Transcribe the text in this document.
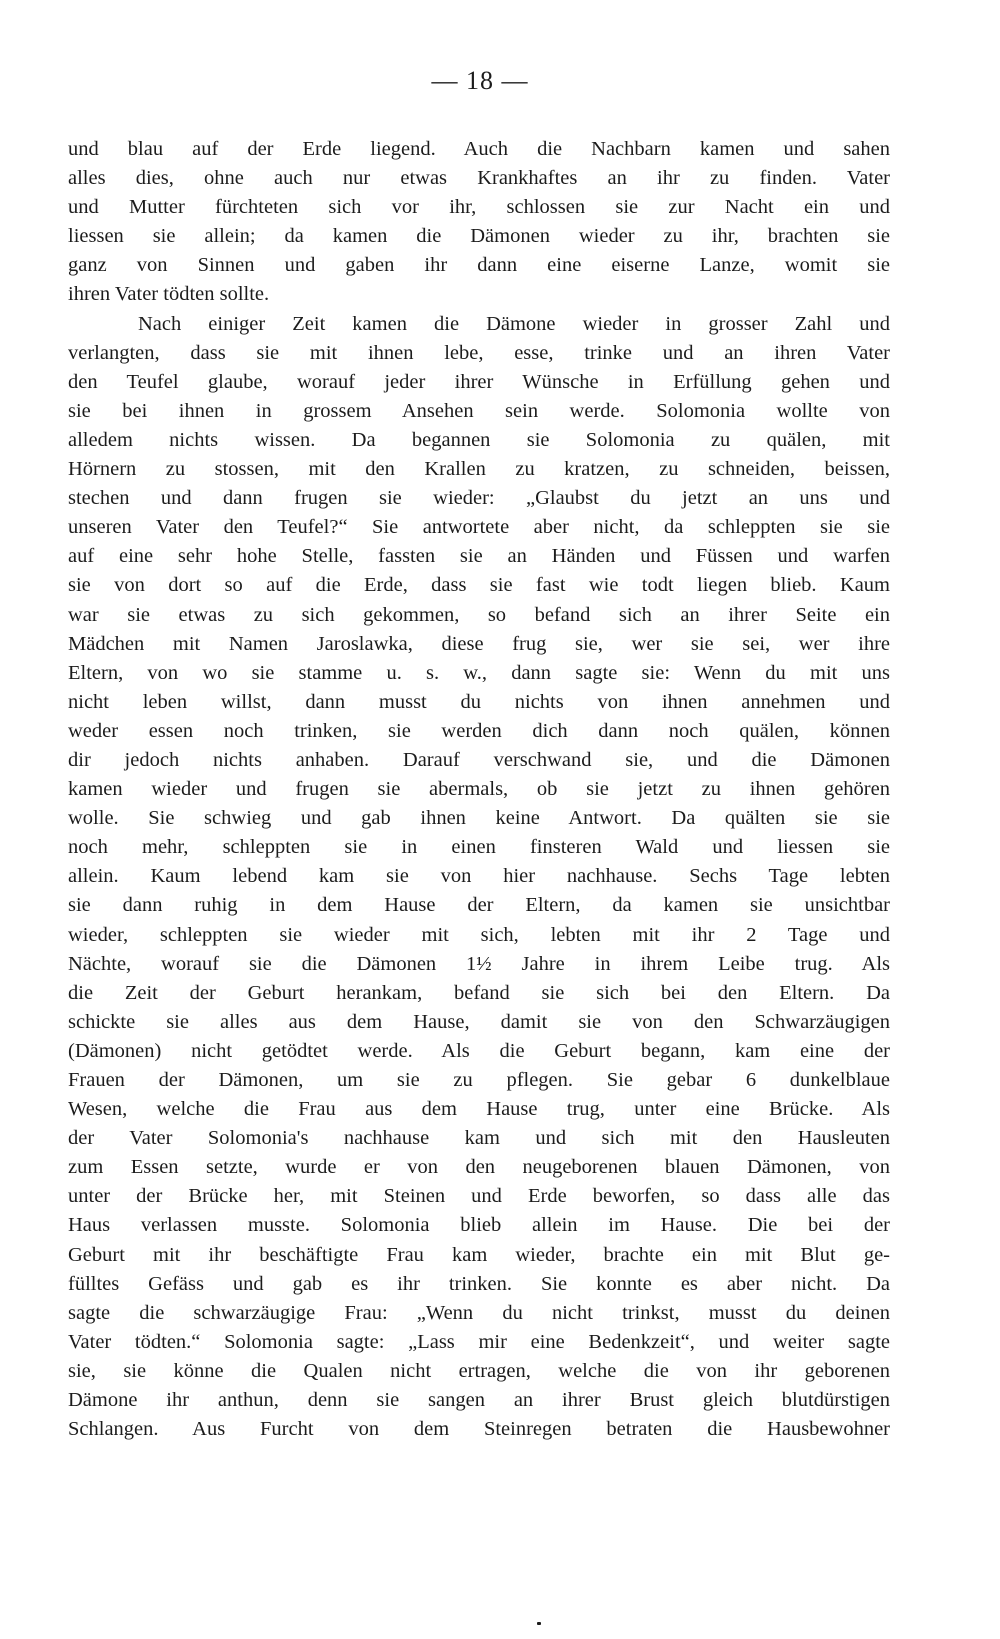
— 18 —
und blau auf der Erde liegend. Auch die Nachbarn kamen und sahen
alles dies, ohne auch nur etwas Krankhaftes an ihr zu finden. Vater
und Mutter fürchteten sich vor ihr, schlossen sie zur Nacht ein und
liessen sie allein; da kamen die Dämonen wieder zu ihr, brachten sie
ganz von Sinnen und gaben ihr dann eine eiserne Lanze, womit sie
ihren Vater tödten sollte.
Nach einiger Zeit kamen die Dämone wieder in grosser Zahl und
verlangten, dass sie mit ihnen lebe, esse, trinke und an ihren Vater
den Teufel glaube, worauf jeder ihrer Wünsche in Erfüllung gehen und
sie bei ihnen in grossem Ansehen sein werde. Solomonia wollte von
alledem nichts wissen. Da begannen sie Solomonia zu quälen, mit
Hörnern zu stossen, mit den Krallen zu kratzen, zu schneiden, beissen,
stechen und dann frugen sie wieder: „Glaubst du jetzt an uns und
unseren Vater den Teufel?“ Sie antwortete aber nicht, da schleppten sie sie
auf eine sehr hohe Stelle, fassten sie an Händen und Füssen und warfen
sie von dort so auf die Erde, dass sie fast wie todt liegen blieb. Kaum
war sie etwas zu sich gekommen, so befand sich an ihrer Seite ein
Mädchen mit Namen Jaroslawka, diese frug sie, wer sie sei, wer ihre
Eltern, von wo sie stamme u. s. w., dann sagte sie: Wenn du mit uns
nicht leben willst, dann musst du nichts von ihnen annehmen und
weder essen noch trinken, sie werden dich dann noch quälen, können
dir jedoch nichts anhaben. Darauf verschwand sie, und die Dämonen
kamen wieder und frugen sie abermals, ob sie jetzt zu ihnen gehören
wolle. Sie schwieg und gab ihnen keine Antwort. Da quälten sie sie
noch mehr, schleppten sie in einen finsteren Wald und liessen sie
allein. Kaum lebend kam sie von hier nachhause. Sechs Tage lebten
sie dann ruhig in dem Hause der Eltern, da kamen sie unsichtbar
wieder, schleppten sie wieder mit sich, lebten mit ihr 2 Tage und
Nächte, worauf sie die Dämonen 1½ Jahre in ihrem Leibe trug. Als
die Zeit der Geburt herankam, befand sie sich bei den Eltern. Da
schickte sie alles aus dem Hause, damit sie von den Schwarzäugigen
(Dämonen) nicht getödtet werde. Als die Geburt begann, kam eine der
Frauen der Dämonen, um sie zu pflegen. Sie gebar 6 dunkelblaue
Wesen, welche die Frau aus dem Hause trug, unter eine Brücke. Als
der Vater Solomonia's nachhause kam und sich mit den Hausleuten
zum Essen setzte, wurde er von den neugeborenen blauen Dämonen, von
unter der Brücke her, mit Steinen und Erde beworfen, so dass alle das
Haus verlassen musste. Solomonia blieb allein im Hause. Die bei der
Geburt mit ihr beschäftigte Frau kam wieder, brachte ein mit Blut ge-
fülltes Gefäss und gab es ihr trinken. Sie konnte es aber nicht. Da
sagte die schwarzäugige Frau: „Wenn du nicht trinkst, musst du deinen
Vater tödten.“ Solomonia sagte: „Lass mir eine Bedenkzeit“, und weiter sagte
sie, sie könne die Qualen nicht ertragen, welche die von ihr geborenen
Dämone ihr anthun, denn sie sangen an ihrer Brust gleich blutdürstigen
Schlangen. Aus Furcht von dem Steinregen betraten die Hausbewohner
